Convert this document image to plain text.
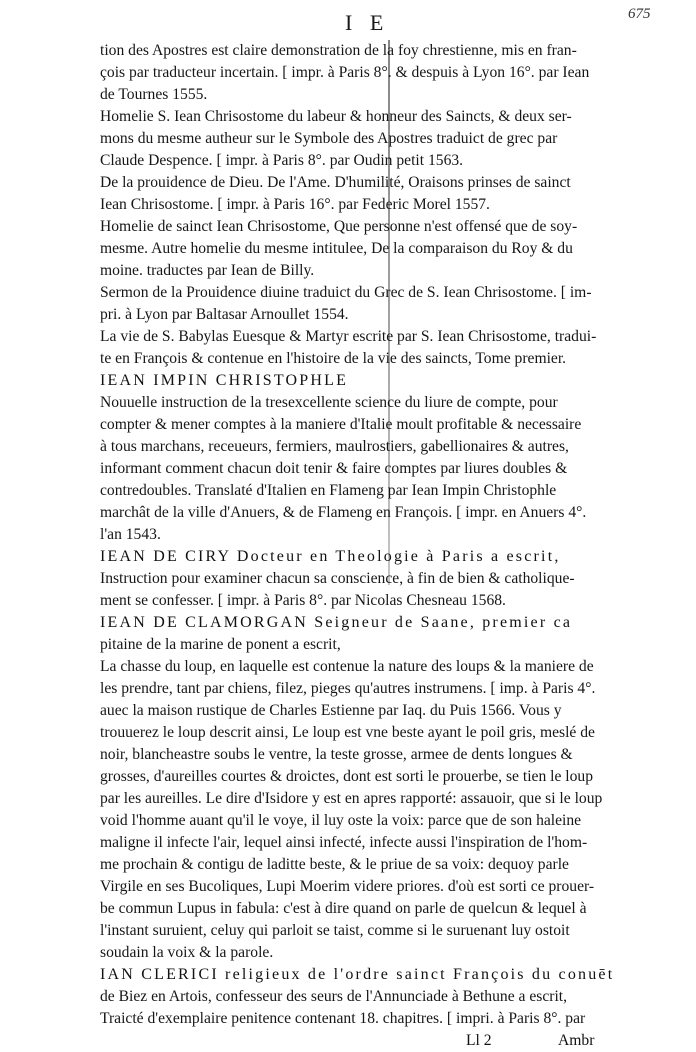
I E	675
tion des Apostres est claire demonstration de la foy chrestienne, mis en fran-
çois par traducteur incertain. [ impr. à Paris 8°. & despuis à Lyon 16°. par Iean
de Tournes 1555.
Homelie S. Iean Chrisostome du labeur & honneur des Saincts, & deux ser-
mons du mesme autheur sur le Symbole des Apostres traduict de grec par
Claude Despence. [ impr. à Paris 8°. par Oudin petit 1563.
De la prouidence de Dieu. De l'Ame. D'humilité, Oraisons prinses de sainct
Iean Chrisostome. [ impr. à Paris 16°. par Federic Morel 1557.
Homelie de sainct Iean Chrisostome, Que personne n'est offensé que de soy-
mesme. Autre homelie du mesme intitulee, De la comparaison du Roy & du
moine. traductes par Iean de Billy.
Sermon de la Prouidence diuine traduict du Grec de S. Iean Chrisostome. [ im-
pri. à Lyon par Baltasar Arnoullet 1554.
La vie de S. Babylas Euesque & Martyr escrite par S. Iean Chrisostome, tradui-
te en François & contenue en l'histoire de la vie des saincts, Tome premier.
IEAN IMPIN CHRISTOPHLE
Nouuelle instruction de la tresexcellente science du liure de compte, pour
compter & mener comptes à la maniere d'Italie moult profitable & necessaire
à tous marchans, receueurs, fermiers, maulrostiers, gabellionaires & autres,
informant comment chacun doit tenir & faire comptes par liures doubles &
contredoubles. Translaté d'Italien en Flameng par Iean Impin Christophle
marchât de la ville d'Anuers, & de Flameng en François. [ impr. en Anuers 4°.
l'an 1543.
IEAN DE CIRY Docteur en Theologie à Paris a escrit,
Instruction pour examiner chacun sa conscience, à fin de bien & catholique-
ment se confesser. [ impr. à Paris 8°. par Nicolas Chesneau 1568.
IEAN DE CLAMORGAN Seigneur de Saane, premier ca
pitaine de la marine de ponent a escrit,
La chasse du loup, en laquelle est contenue la nature des loups & la maniere de
les prendre, tant par chiens, filez, pieges qu'autres instrumens. [ imp. à Paris 4°.
auec la maison rustique de Charles Estienne par Iaq. du Puis 1566. Vous y
trouuerez le loup descrit ainsi, Le loup est vne beste ayant le poil gris, meslé de
noir, blancheastre soubs le ventre, la teste grosse, armee de dents longues &
grosses, d'aureilles courtes & droictes, dont est sorti le prouerbe, se tien le loup
par les aureilles. Le dire d'Isidore y est en apres rapporté: assauoir, que si le loup
void l'homme auant qu'il le voye, il luy oste la voix: parce que de son haleine
maligne il infecte l'air, lequel ainsi infecté, infecte aussi l'inspiration de l'hom-
me prochain & contigu de laditte beste, & le priue de sa voix: dequoy parle
Virgile en ses Bucoliques, Lupi Moerim videre priores. d'où est sorti ce prouer-
be commun Lupus in fabula: c'est à dire quand on parle de quelcun & lequel à
l'instant suruient, celuy qui parloit se taist, comme si le suruenant luy ostoit
soudain la voix & la parole.
IAN CLERICI religieux de l'ordre sainct François du conuēt
de Biez en Artois, confesseur des seurs de l'Annunciade à Bethune a escrit,
Traicté d'exemplaire penitence contenant 18. chapitres. [ impri. à Paris 8°. par
Ll 2	Ambr
